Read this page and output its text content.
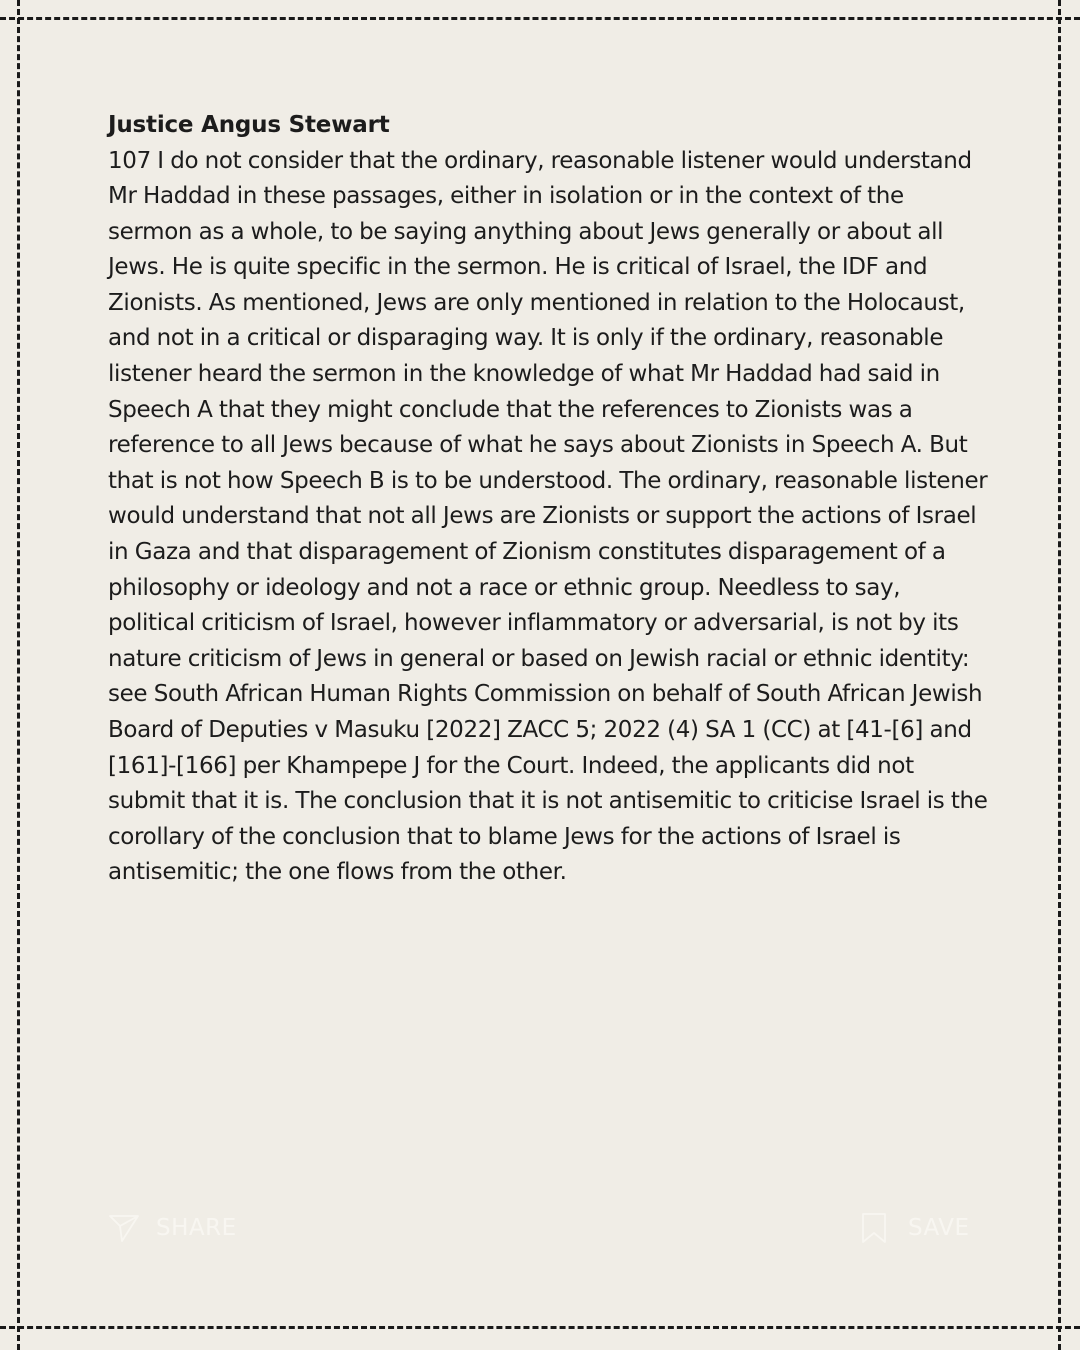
Justice Angus Stewart

107 I do not consider that the ordinary, reasonable listener would understand Mr Haddad in these passages, either in isolation or in the context of the sermon as a whole, to be saying anything about Jews generally or about all Jews. He is quite specific in the sermon. He is critical of Israel, the IDF and Zionists. As mentioned, Jews are only mentioned in relation to the Holocaust, and not in a critical or disparaging way. It is only if the ordinary, reasonable listener heard the sermon in the knowledge of what Mr Haddad had said in Speech A that they might conclude that the references to Zionists was a reference to all Jews because of what he says about Zionists in Speech A. But that is not how Speech B is to be understood. The ordinary, reasonable listener would understand that not all Jews are Zionists or support the actions of Israel in Gaza and that disparagement of Zionism constitutes disparagement of a philosophy or ideology and not a race or ethnic group. Needless to say, political criticism of Israel, however inflammatory or adversarial, is not by its nature criticism of Jews in general or based on Jewish racial or ethnic identity: see South African Human Rights Commission on behalf of South African Jewish Board of Deputies v Masuku [2022] ZACC 5; 2022 (4) SA 1 (CC) at [41-[6] and [161]-[166] per Khampepe J for the Court. Indeed, the applicants did not submit that it is. The conclusion that it is not antisemitic to criticise Israel is the corollary of the conclusion that to blame Jews for the actions of Israel is antisemitic; the one flows from the other.

SHARE	SAVE
